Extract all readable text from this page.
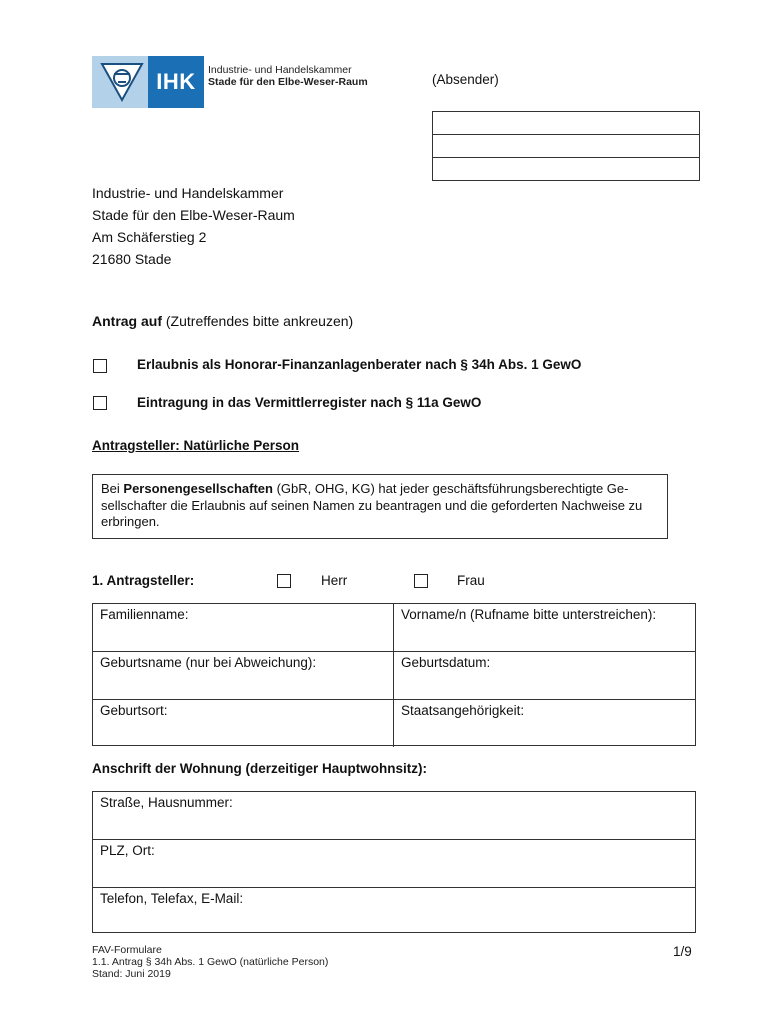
IHK	Industrie- und Handelskammer
Stade für den Elbe-Weser-Raum	(Absender)
Industrie- und Handelskammer
Stade für den Elbe-Weser-Raum
Am Schäferstieg 2
21680 Stade
Antrag auf (Zutreffendes bitte ankreuzen)
Erlaubnis als Honorar-Finanzanlagenberater nach § 34h Abs. 1 GewO
Eintragung in das Vermittlerregister nach § 11a GewO
Antragsteller: Natürliche Person
Bei Personengesellschaften (GbR, OHG, KG) hat jeder geschäftsführungsberechtigte Ge-sellschafter die Erlaubnis auf seinen Namen zu beantragen und die geforderten Nachweise zu erbringen.
1. Antragsteller:	Herr	Frau
Familienname:	Vorname/n (Rufname bitte unterstreichen):
Geburtsname (nur bei Abweichung):	Geburtsdatum:
Geburtsort:	Staatsangehörigkeit:
Anschrift der Wohnung (derzeitiger Hauptwohnsitz):
Straße, Hausnummer:
PLZ, Ort:
Telefon, Telefax, E-Mail:
FAV-Formulare
1.1. Antrag § 34h Abs. 1 GewO (natürliche Person)
Stand: Juni 2019
1/9
